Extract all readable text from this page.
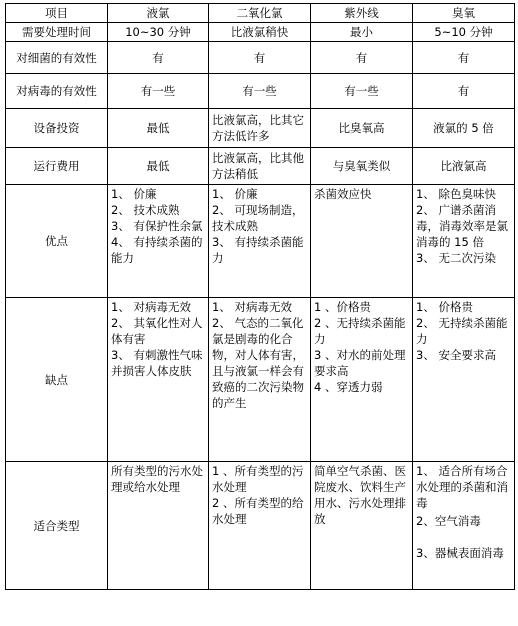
项目	液氯	二氧化氯	紫外线	臭氧
需要处理时间	10~30 分钟	比液氯稍快	最小	5~10 分钟

对细菌的有效性	有	有	有	有

对病毒的有效性	有一些	有一些	有一些	有

设备投资	最低	比液氯高，比其它方法低许多	比臭氧高	液氯的 5 倍

运行费用	最低	比液氯高，比其他方法稍低	与臭氧类似	比液氯高

优点	1、 价廉
2、 技术成熟
3、 有保护性余氯
4、 有持续杀菌的能力	1、 价廉
2、 可现场制造，技术成熟
3、 有持续杀菌能力	杀菌效应快	1、 除色臭味快
2、 广谱杀菌消毒，消毒效率是氯消毒的 15 倍
3、 无二次污染

缺点	1、 对病毒无效
2、 其氧化性对人体有害
3、 有刺激性气味并损害人体皮肤	1、 对病毒无效
2、 气态的二氧化氯是剧毒的化合物，对人体有害，且与液氯一样会有致癌的二次污染物的产生	1 、价格贵
2 、无持续杀菌能力
3 、对水的前处理要求高
4 、穿透力弱	1、 价格贵
2、 无持续杀菌能力
3、 安全要求高

适合类型	所有类型的污水处理或给水处理	1 、所有类型的污水处理
2 、所有类型的给水处理	简单空气杀菌、医院废水、饮料生产用水、污水处理排放	1、 适合所有场合水处理的杀菌和消毒
2、空气消毒
3、器械表面消毒
